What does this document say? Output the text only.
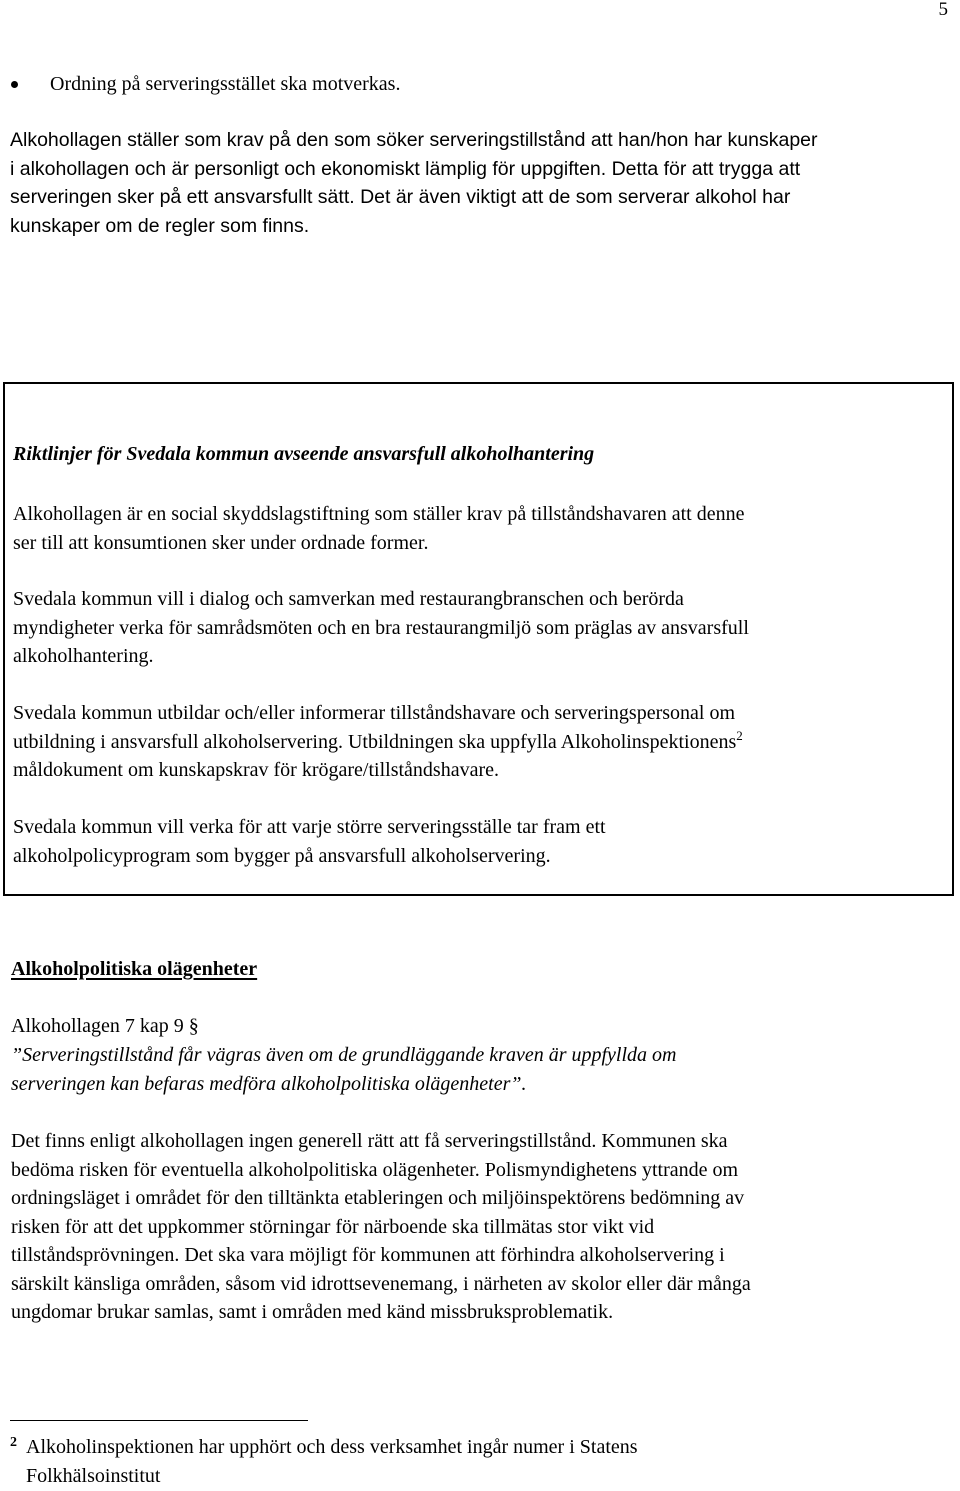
5
Ordning på serveringsstället ska motverkas.

Alkohollagen ställer som krav på den som söker serveringstillstånd att han/hon har kunskaper
i alkohollagen och är personligt och ekonomiskt lämplig för uppgiften. Detta för att trygga att
serveringen sker på ett ansvarsfullt sätt. Det är även viktigt att de som serverar alkohol har
kunskaper om de regler som finns.

Riktlinjer för Svedala kommun avseende ansvarsfull alkoholhantering

Alkohollagen är en social skyddslagstiftning som ställer krav på tillståndshavaren att denne
ser till att konsumtionen sker under ordnade former.

Svedala kommun vill i dialog och samverkan med restaurangbranschen och berörda
myndigheter verka för samrådsmöten och en bra restaurangmiljö som präglas av ansvarsfull
alkoholhantering.

Svedala kommun utbildar och/eller informerar tillståndshavare och serveringspersonal om
utbildning i ansvarsfull alkoholservering. Utbildningen ska uppfylla Alkoholinspektionens$^2$
måldokument om kunskapskrav för krögare/tillståndshavare.

Svedala kommun vill verka för att varje större serveringsställe tar fram ett
alkoholpolicyprogram som bygger på ansvarsfull alkoholservering.

Alkoholpolitiska olägenheter
Alkohollagen 7 kap 9 §

”Serveringstillstånd får vägras även om de grundläggande kraven är uppfyllda om
serveringen kan befaras medföra alkoholpolitiska olägenheter”.

Det finns enligt alkohollagen ingen generell rätt att få serveringstillstånd. Kommunen ska
bedöma risken för eventuella alkoholpolitiska olägenheter. Polismyndighetens yttrande om
ordningsläget i området för den tilltänkta etableringen och miljöinspektörens bedömning av
risken för att det uppkommer störningar för närboende ska tillmätas stor vikt vid
tillståndsprövningen. Det ska vara möjligt för kommunen att förhindra alkoholservering i
särskilt känsliga områden, såsom vid idrottsevenemang, i närheten av skolor eller där många
ungdomar brukar samlas, samt i områden med känd missbruksproblematik.

2 Alkoholinspektionen har upphört och dess verksamhet ingår numer i Statens
Folkhälsoinstitut
